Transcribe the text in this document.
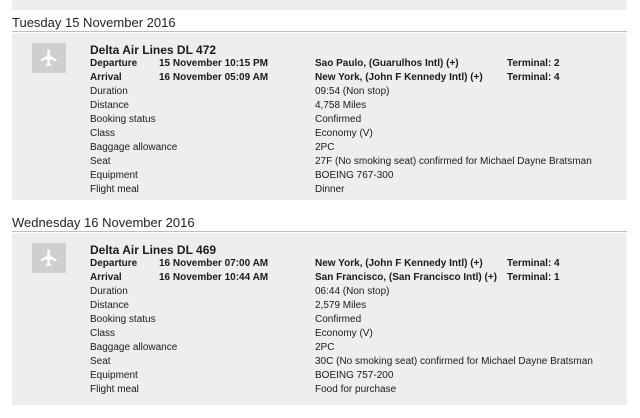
Tuesday 15 November 2016
Delta Air Lines DL 472
Departure 15 November 10:15 PM	Sao Paulo, (Guarulhos Intl) (+)	Terminal: 2
Arrival	16 November 05:09 AM	New York, (John F Kennedy Intl) (+) Terminal: 4
Duration	09:54 (Non stop)
Distance	4,758 Miles
Booking status	Confirmed
Class	Economy (V)
Baggage allowance	2PC
Seat	27F (No smoking seat) confirmed for Michael Dayne Bratsman
Equipment	BOEING 767-300
Flight meal	Dinner
Wednesday 16 November 2016
Delta Air Lines DL 469
Departure 16 November 07:00 AM	New York, (John F Kennedy Intl) (+) Terminal: 4
Arrival	16 November 10:44 AM	San Francisco, (San Francisco Intl) (+) Terminal: 1
Duration	06:44 (Non stop)
Distance	2,579 Miles
Booking status	Confirmed
Class	Economy (V)
Baggage allowance	2PC
Seat	30C (No smoking seat) confirmed for Michael Dayne Bratsman
Equipment	BOEING 757-200
Flight meal	Food for purchase
